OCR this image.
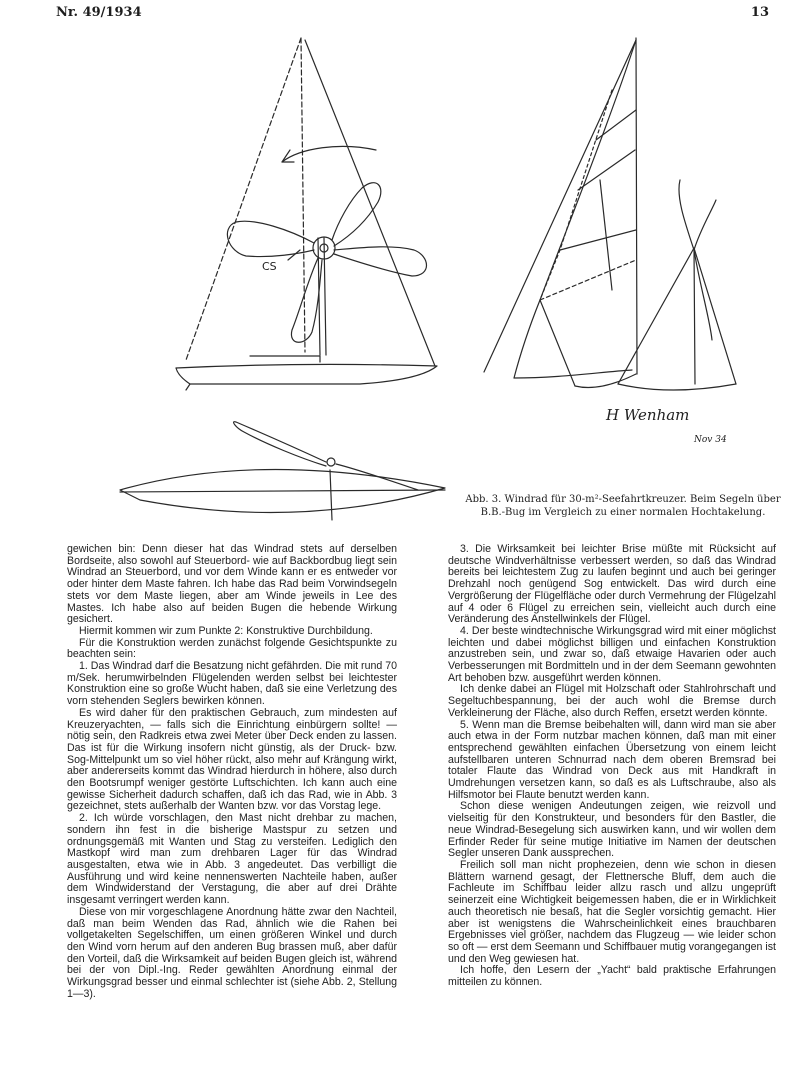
Nr. 49/1934	13
CS
H Wenham
Nov 34
Abb. 3. Windrad für 30-m²-Seefahrtkreuzer. Beim Segeln über B.B.-Bug im Vergleich zu einer normalen Hochtakelung.

gewichen bin: Denn dieser hat das Windrad stets auf derselben Bordseite, also sowohl auf Steuerbord- wie auf Backbordbug liegt sein Windrad an Steuerbord, und vor dem Winde kann er es entweder vor oder hinter dem Maste fahren. Ich habe das Rad beim Vorwindsegeln stets vor dem Maste liegen, aber am Winde jeweils in Lee des Mastes. Ich habe also auf beiden Bugen die hebende Wirkung gesichert.

Hiermit kommen wir zum Punkte 2: Konstruktive Durchbildung.

Für die Konstruktion werden zunächst folgende Gesichtspunkte zu beachten sein:

1. Das Windrad darf die Besatzung nicht gefährden. Die mit rund 70 m/Sek. herumwirbelnden Flügelenden werden selbst bei leichtester Konstruktion eine so große Wucht haben, daß sie eine Verletzung des vorn stehenden Seglers bewirken können.

Es wird daher für den praktischen Gebrauch, zum mindesten auf Kreuzeryachten, — falls sich die Einrichtung einbürgern sollte! — nötig sein, den Radkreis etwa zwei Meter über Deck enden zu lassen. Das ist für die Wirkung insofern nicht günstig, als der Druck- bzw. Sog-Mittelpunkt um so viel höher rückt, also mehr auf Krängung wirkt, aber andererseits kommt das Windrad hierdurch in höhere, also durch den Bootsrumpf weniger gestörte Luftschichten. Ich kann auch eine gewisse Sicherheit dadurch schaffen, daß ich das Rad, wie in Abb. 3 gezeichnet, stets außerhalb der Wanten bzw. vor das Vorstag lege.

2. Ich würde vorschlagen, den Mast nicht drehbar zu machen, sondern ihn fest in die bisherige Mastspur zu setzen und ordnungsgemäß mit Wanten und Stag zu versteifen. Lediglich den Mastkopf wird man zum drehbaren Lager für das Windrad ausgestalten, etwa wie in Abb. 3 angedeutet. Das verbilligt die Ausführung und wird keine nennenswerten Nachteile haben, außer dem Windwiderstand der Verstagung, die aber auf drei Drähte insgesamt verringert werden kann.

Diese von mir vorgeschlagene Anordnung hätte zwar den Nachteil, daß man beim Wenden das Rad, ähnlich wie die Rahen bei vollgetakelten Segelschiffen, um einen größeren Winkel und durch den Wind vorn herum auf den anderen Bug brassen muß, aber dafür den Vorteil, daß die Wirksamkeit auf beiden Bugen gleich ist, während bei der von Dipl.-Ing. Reder gewählten Anordnung einmal der Wirkungsgrad besser und einmal schlechter ist (siehe Abb. 2, Stellung 1—3).

3. Die Wirksamkeit bei leichter Brise müßte mit Rücksicht auf deutsche Windverhältnisse verbessert werden, so daß das Windrad bereits bei leichtestem Zug zu laufen beginnt und auch bei geringer Drehzahl noch genügend Sog entwickelt. Das wird durch eine Vergrößerung der Flügelfläche oder durch Vermehrung der Flügelzahl auf 4 oder 6 Flügel zu erreichen sein, vielleicht auch durch eine Veränderung des Anstellwinkels der Flügel.

4. Der beste windtechnische Wirkungsgrad wird mit einer möglichst leichten und dabei möglichst billigen und einfachen Konstruktion anzustreben sein, und zwar so, daß etwaige Havarien oder auch Verbesserungen mit Bordmitteln und in der dem Seemann gewohnten Art behoben bzw. ausgeführt werden können.

Ich denke dabei an Flügel mit Holzschaft oder Stahlrohrschaft und Segeltuchbespannung, bei der auch wohl die Bremse durch Verkleinerung der Fläche, also durch Reffen, ersetzt werden könnte.

5. Wenn man die Bremse beibehalten will, dann wird man sie aber auch etwa in der Form nutzbar machen können, daß man mit einer entsprechend gewählten einfachen Übersetzung von einem leicht aufstellbaren unteren Schnurrad nach dem oberen Bremsrad bei totaler Flaute das Windrad von Deck aus mit Handkraft in Umdrehungen versetzen kann, so daß es als Luftschraube, also als Hilfsmotor bei Flaute benutzt werden kann.

Schon diese wenigen Andeutungen zeigen, wie reizvoll und vielseitig für den Konstrukteur, und besonders für den Bastler, die neue Windrad-Besegelung sich auswirken kann, und wir wollen dem Erfinder Reder für seine mutige Initiative im Namen der deutschen Segler unseren Dank aussprechen.

Freilich soll man nicht prophezeien, denn wie schon in diesen Blättern warnend gesagt, der Flettnersche Bluff, dem auch die Fachleute im Schiffbau leider allzu rasch und allzu ungeprüft seinerzeit eine Wichtigkeit beigemessen haben, die er in Wirklichkeit auch theoretisch nie besaß, hat die Segler vorsichtig gemacht. Hier aber ist wenigstens die Wahrscheinlichkeit eines brauchbaren Ergebnisses viel größer, nachdem das Flugzeug — wie leider schon so oft — erst dem Seemann und Schiffbauer mutig vorangegangen ist und den Weg gewiesen hat.

Ich hoffe, den Lesern der „Yacht“ bald praktische Erfahrungen mitteilen zu können.
